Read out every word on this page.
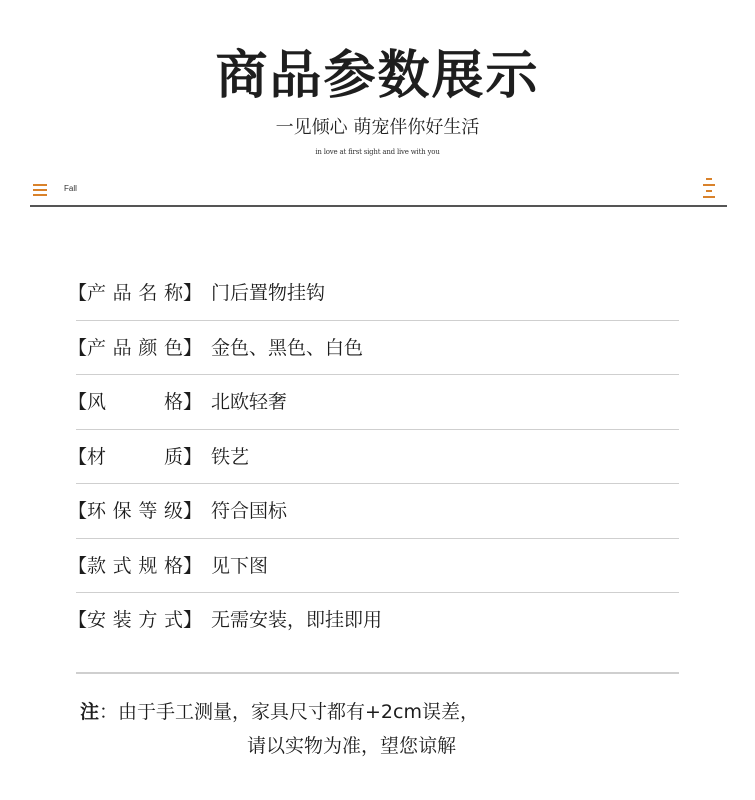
商品参数展示
一见倾心 萌宠伴你好生活
in love at first sight and live with you
Fall
【产品名称】 门后置物挂钩
【产品颜色】 金色、黑色、白色
【风格】 北欧轻奢
【材质】 铁艺
【环保等级】 符合国标
【款式规格】 见下图
【安装方式】 无需安装，即挂即用
注：由于手工测量，家具尺寸都有+2cm误差，
请以实物为准，望您谅解
